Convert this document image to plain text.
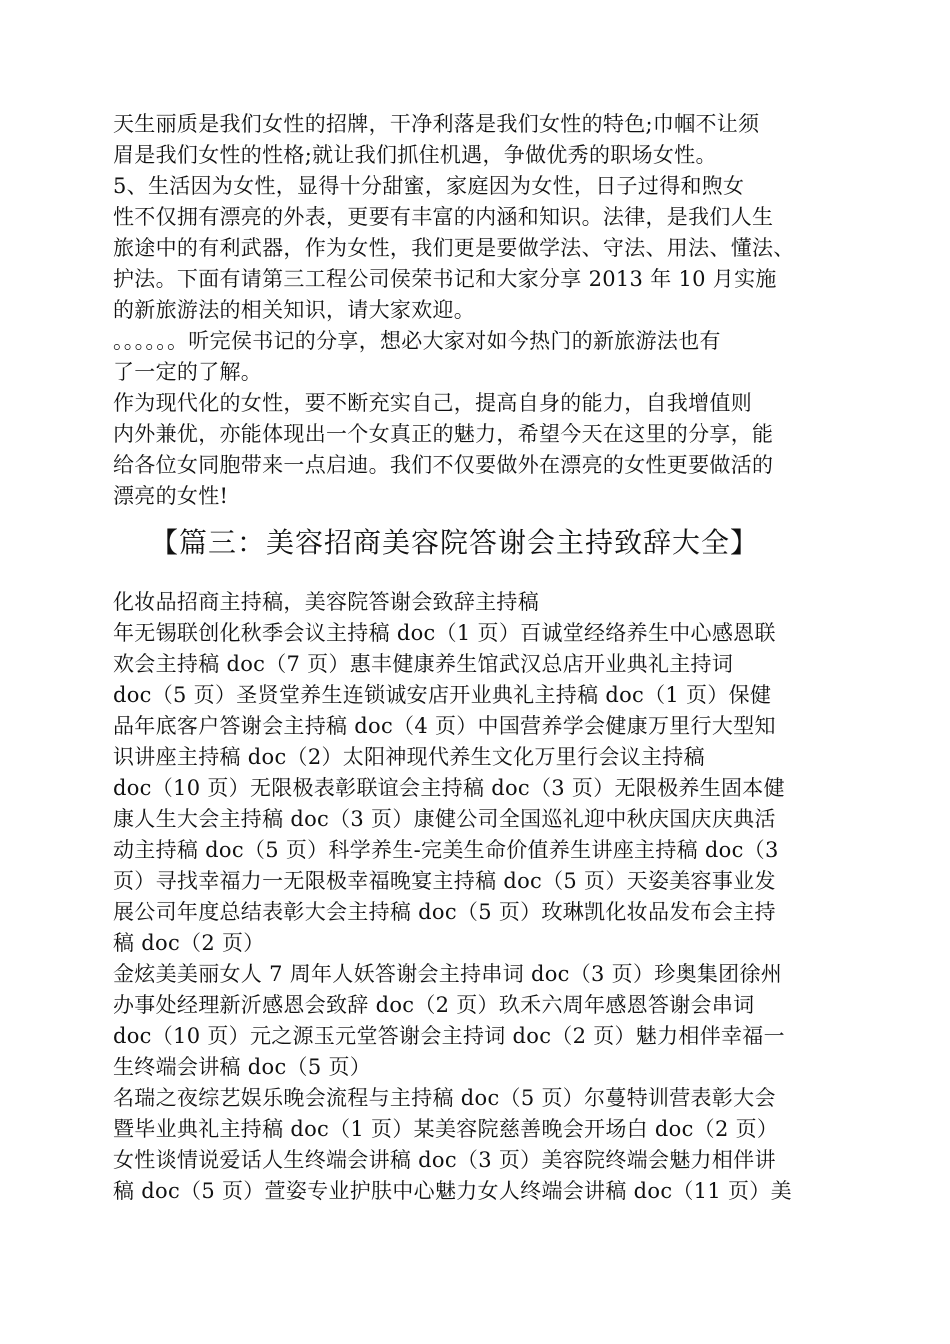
天生丽质是我们女性的招牌，干净利落是我们女性的特色;巾帼不让须
眉是我们女性的性格;就让我们抓住机遇，争做优秀的职场女性。
5、生活因为女性，显得十分甜蜜，家庭因为女性，日子过得和煦女
性不仅拥有漂亮的外表，更要有丰富的内涵和知识。法律，是我们人生
旅途中的有利武器，作为女性，我们更是要做学法、守法、用法、懂法、
护法。下面有请第三工程公司侯荣书记和大家分享 2013 年 10 月实施
的新旅游法的相关知识，请大家欢迎。
。。。。。。听完侯书记的分享，想必大家对如今热门的新旅游法也有
了一定的了解。
作为现代化的女性，要不断充实自己，提高自身的能力，自我增值则
内外兼优，亦能体现出一个女真正的魅力，希望今天在这里的分享，能
给各位女同胞带来一点启迪。我们不仅要做外在漂亮的女性更要做活的
漂亮的女性!
【篇三：美容招商美容院答谢会主持致辞大全】
化妆品招商主持稿，美容院答谢会致辞主持稿
年无锡联创化秋季会议主持稿 doc（1 页）百诚堂经络养生中心感恩联
欢会主持稿 doc（7 页）惠丰健康养生馆武汉总店开业典礼主持词
doc（5 页）圣贤堂养生连锁诚安店开业典礼主持稿 doc（1 页）保健
品年底客户答谢会主持稿 doc（4 页）中国营养学会健康万里行大型知
识讲座主持稿 doc（2）太阳神现代养生文化万里行会议主持稿
doc（10 页）无限极表彰联谊会主持稿 doc（3 页）无限极养生固本健
康人生大会主持稿 doc（3 页）康健公司全国巡礼迎中秋庆国庆庆典活
动主持稿 doc（5 页）科学养生-完美生命价值养生讲座主持稿 doc（3
页）寻找幸福力一无限极幸福晚宴主持稿 doc（5 页）天姿美容事业发
展公司年度总结表彰大会主持稿 doc（5 页）玫琳凯化妆品发布会主持
稿 doc（2 页）
金炫美美丽女人 7 周年人妖答谢会主持串词 doc（3 页）珍奥集团徐州
办事处经理新沂感恩会致辞 doc（2 页）玖禾六周年感恩答谢会串词
doc（10 页）元之源玉元堂答谢会主持词 doc（2 页）魅力相伴幸福一
生终端会讲稿 doc（5 页）
名瑞之夜综艺娱乐晚会流程与主持稿 doc（5 页）尔蔓特训营表彰大会
暨毕业典礼主持稿 doc（1 页）某美容院慈善晚会开场白 doc（2 页）
女性谈情说爱话人生终端会讲稿 doc（3 页）美容院终端会魅力相伴讲
稿 doc（5 页）萱姿专业护肤中心魅力女人终端会讲稿 doc（11 页）美
